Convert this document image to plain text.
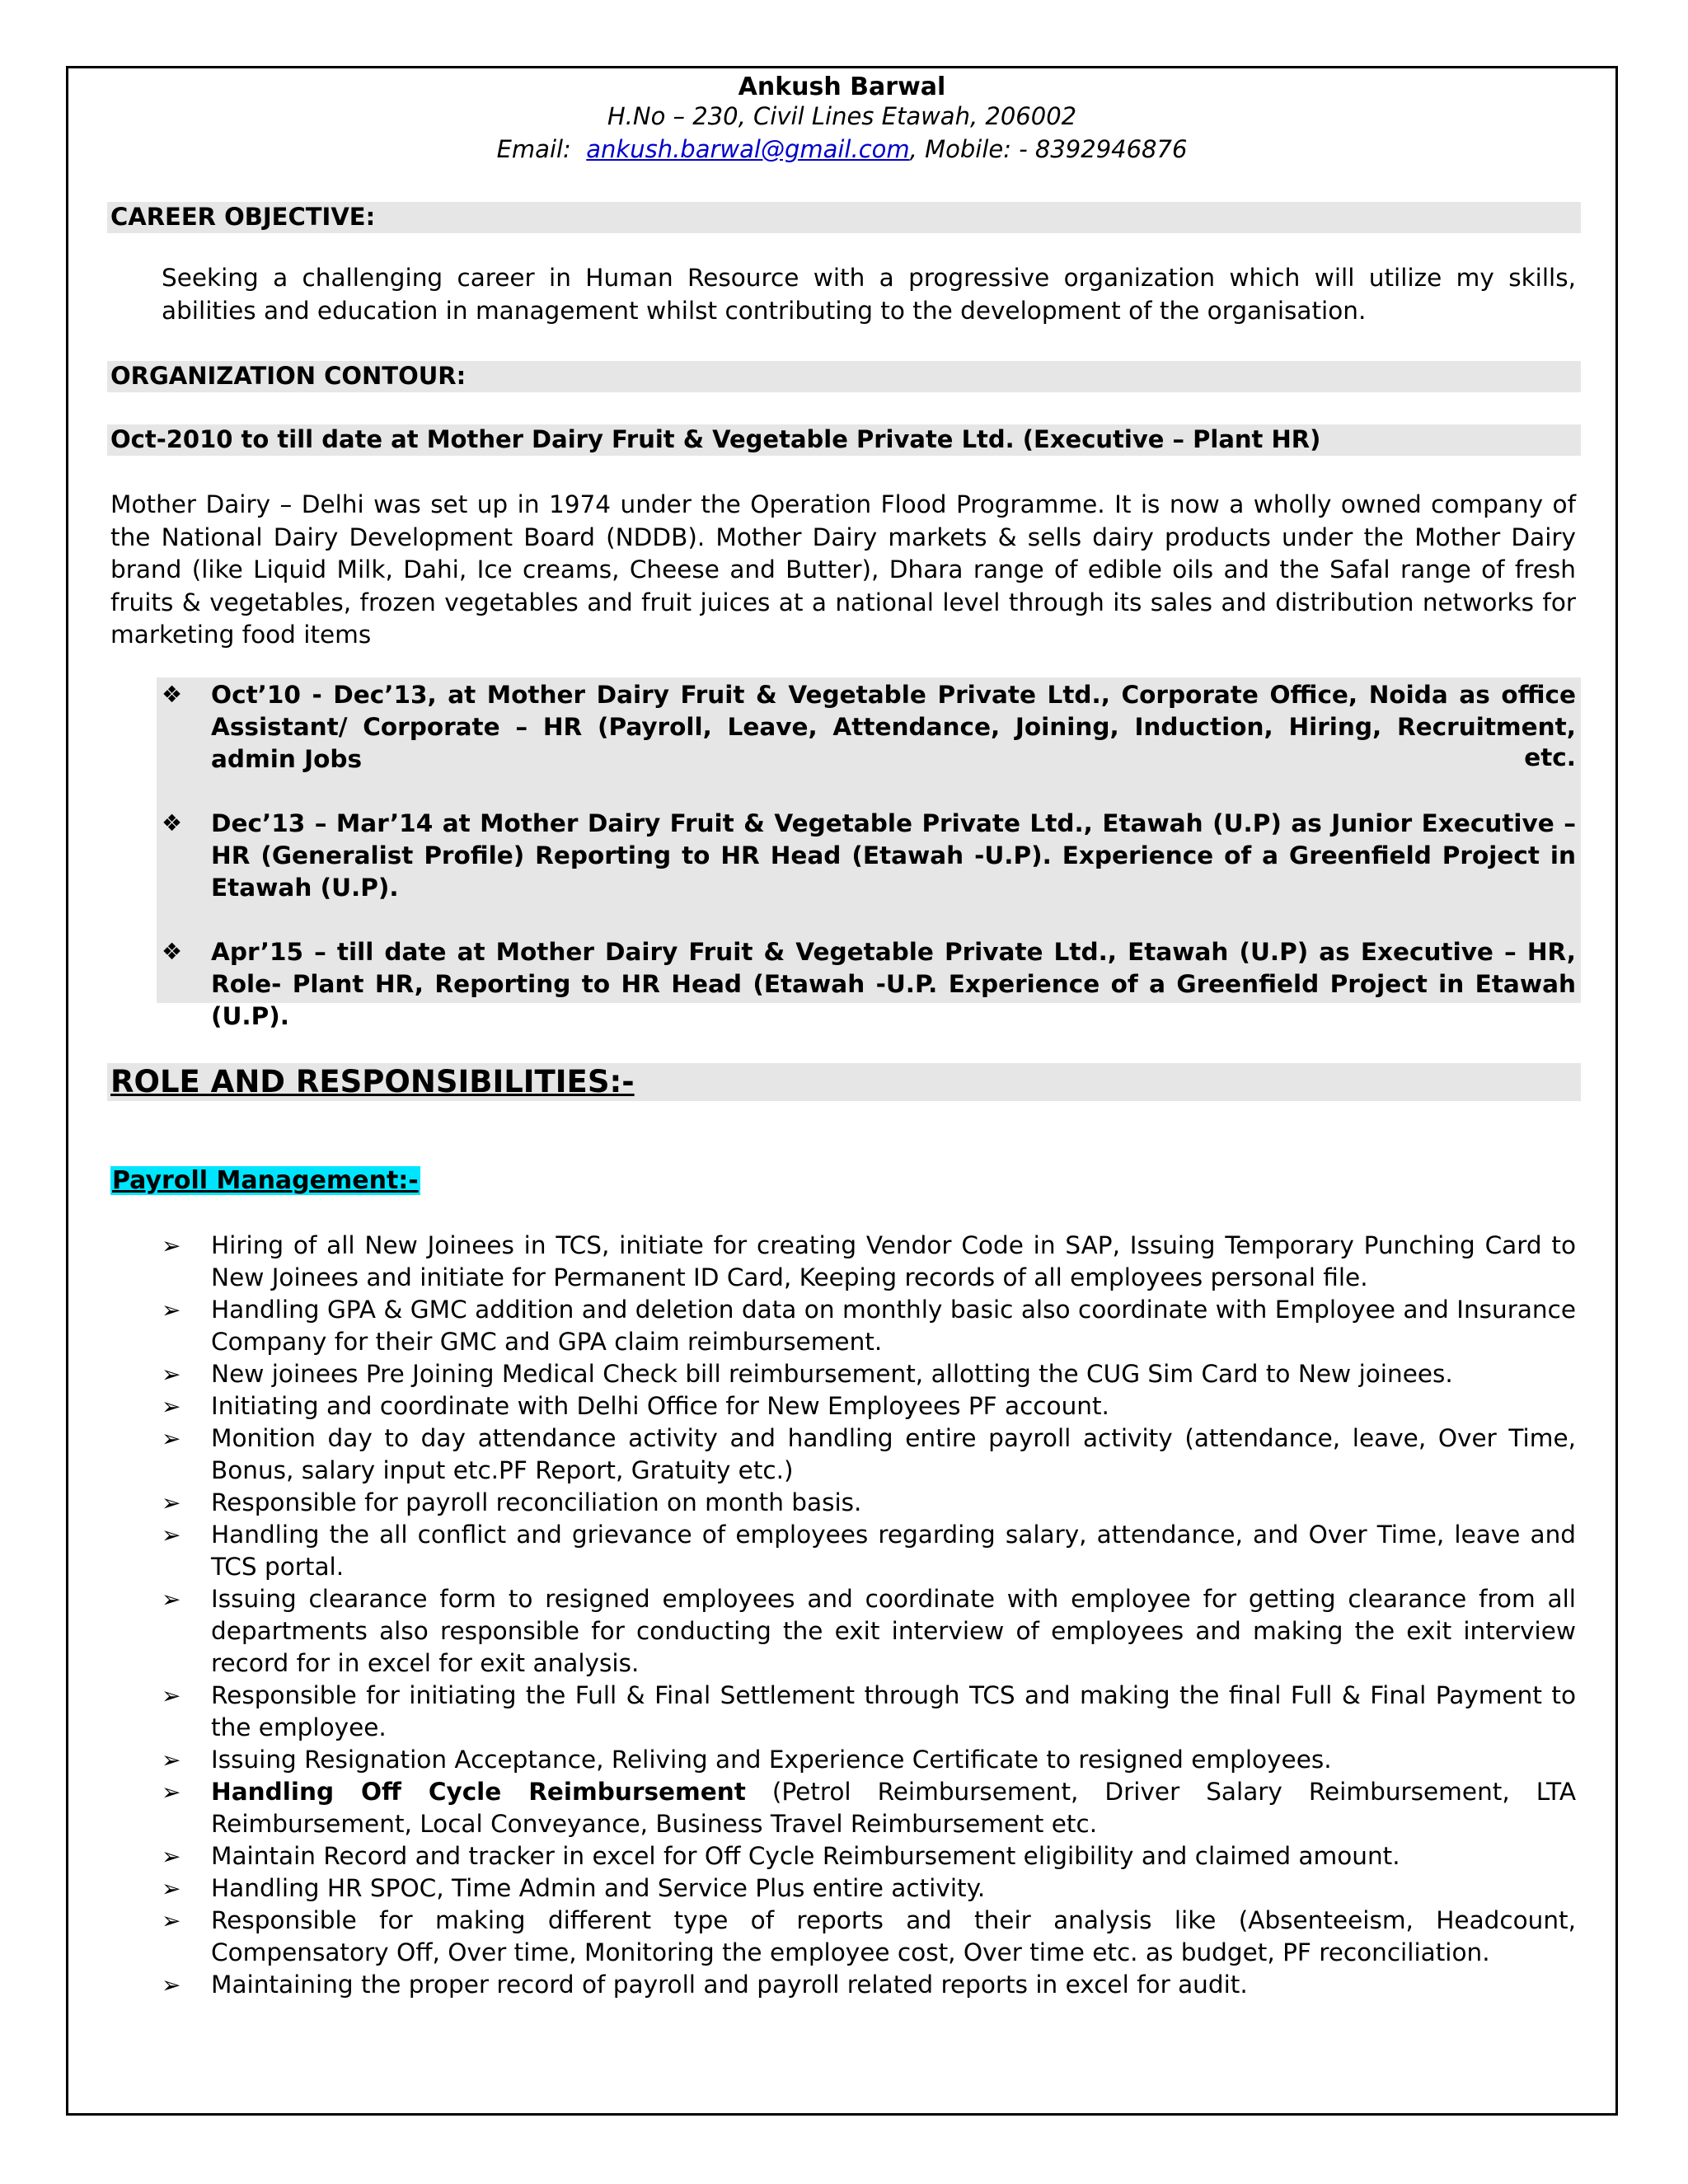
Ankush Barwal
H.No – 230, Civil Lines Etawah, 206002
Email: ankush.barwal@gmail.com, Mobile: - 8392946876
CAREER OBJECTIVE:
Seeking a challenging career in Human Resource with a progressive organization which will utilize my skills, abilities and education in management whilst contributing to the development of the organisation.
ORGANIZATION CONTOUR:
Oct-2010 to till date at Mother Dairy Fruit & Vegetable Private Ltd. (Executive – Plant HR)
Mother Dairy – Delhi was set up in 1974 under the Operation Flood Programme. It is now a wholly owned company of the National Dairy Development Board (NDDB). Mother Dairy markets & sells dairy products under the Mother Dairy brand (like Liquid Milk, Dahi, Ice creams, Cheese and Butter), Dhara range of edible oils and the Safal range of fresh fruits & vegetables, frozen vegetables and fruit juices at a national level through its sales and distribution networks for marketing food items
❖ Oct’10 - Dec’13, at Mother Dairy Fruit & Vegetable Private Ltd., Corporate Office, Noida as office Assistant/ Corporate – HR (Payroll, Leave, Attendance, Joining, Induction, Hiring, Recruitment, admin Jobs	etc.
❖ Dec’13 – Mar’14 at Mother Dairy Fruit & Vegetable Private Ltd., Etawah (U.P) as Junior Executive – HR (Generalist Profile) Reporting to HR Head (Etawah -U.P). Experience of a Greenfield Project in Etawah (U.P).
❖ Apr’15 – till date at Mother Dairy Fruit & Vegetable Private Ltd., Etawah (U.P) as Executive – HR, Role- Plant HR, Reporting to HR Head (Etawah -U.P. Experience of a Greenfield Project in Etawah (U.P).
ROLE AND RESPONSIBILITIES:-
Payroll Management:-
➢ Hiring of all New Joinees in TCS, initiate for creating Vendor Code in SAP, Issuing Temporary Punching Card to New Joinees and initiate for Permanent ID Card, Keeping records of all employees personal file.
➢ Handling GPA & GMC addition and deletion data on monthly basic also coordinate with Employee and Insurance Company for their GMC and GPA claim reimbursement.
➢ New joinees Pre Joining Medical Check bill reimbursement, allotting the CUG Sim Card to New joinees.
➢ Initiating and coordinate with Delhi Office for New Employees PF account.
➢ Monition day to day attendance activity and handling entire payroll activity (attendance, leave, Over Time, Bonus, salary input etc.PF Report, Gratuity etc.)
➢ Responsible for payroll reconciliation on month basis.
➢ Handling the all conflict and grievance of employees regarding salary, attendance, and Over Time, leave and TCS portal.
➢ Issuing clearance form to resigned employees and coordinate with employee for getting clearance from all departments also responsible for conducting the exit interview of employees and making the exit interview record for in excel for exit analysis.
➢ Responsible for initiating the Full & Final Settlement through TCS and making the final Full & Final Payment to the employee.
➢ Issuing Resignation Acceptance, Reliving and Experience Certificate to resigned employees.
➢ Handling Off Cycle Reimbursement (Petrol Reimbursement, Driver Salary Reimbursement, LTA Reimbursement, Local Conveyance, Business Travel Reimbursement etc.
➢ Maintain Record and tracker in excel for Off Cycle Reimbursement eligibility and claimed amount.
➢ Handling HR SPOC, Time Admin and Service Plus entire activity.
➢ Responsible for making different type of reports and their analysis like (Absenteeism, Headcount, Compensatory Off, Over time, Monitoring the employee cost, Over time etc. as budget, PF reconciliation.
➢ Maintaining the proper record of payroll and payroll related reports in excel for audit.
